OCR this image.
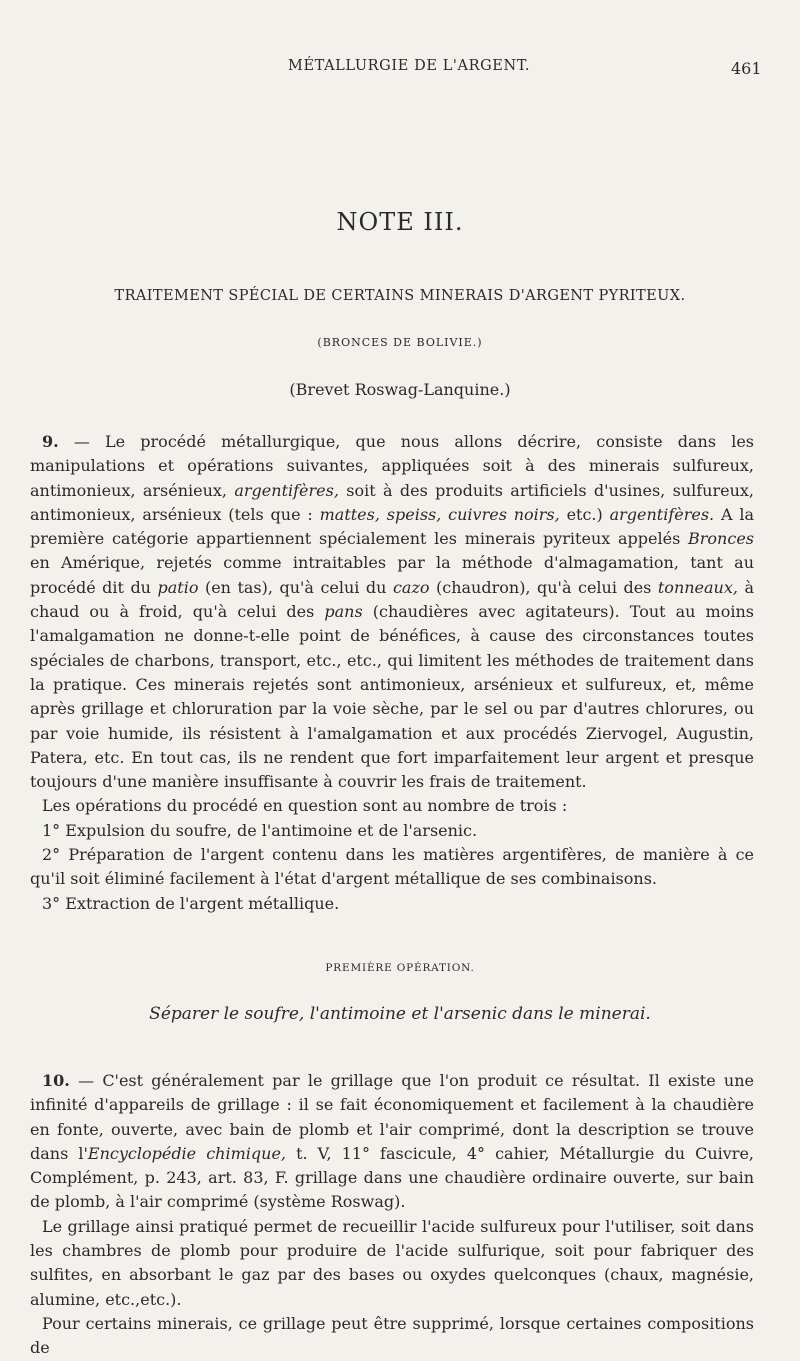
MÉTALLURGIE DE L'ARGENT.	461
NOTE III.
TRAITEMENT SPÉCIAL DE CERTAINS MINERAIS D'ARGENT PYRITEUX.
(BRONCES DE BOLIVIE.)
(Brevet Roswag-Lanquine.)

9. — Le procédé métallurgique, que nous allons décrire, consiste dans les manipulations et opérations suivantes, appliquées soit à des minerais sulfureux, antimonieux, arsénieux, argentifères, soit à des produits artificiels d'usines, sulfureux, antimonieux, arsénieux (tels que : mattes, speiss, cuivres noirs, etc.) argentifères. A la première catégorie appartiennent spécialement les minerais pyriteux appelés Bronces en Amérique, rejetés comme intraitables par la méthode d'almagamation, tant au procédé dit du patio (en tas), qu'à celui du cazo (chaudron), qu'à celui des tonneaux, à chaud ou à froid, qu'à celui des pans (chaudières avec agitateurs). Tout au moins l'amalgamation ne donne-t-elle point de bénéfices, à cause des circonstances toutes spéciales de charbons, transport, etc., etc., qui limitent les méthodes de traitement dans la pratique. Ces minerais rejetés sont antimonieux, arsénieux et sulfureux, et, même après grillage et chloruration par la voie sèche, par le sel ou par d'autres chlorures, ou par voie humide, ils résistent à l'amalgamation et aux procédés Ziervogel, Augustin, Patera, etc. En tout cas, ils ne rendent que fort imparfaitement leur argent et presque toujours d'une manière insuffisante à couvrir les frais de traitement.

Les opérations du procédé en question sont au nombre de trois :

1° Expulsion du soufre, de l'antimoine et de l'arsenic.

2° Préparation de l'argent contenu dans les matières argentifères, de manière à ce qu'il soit éliminé facilement à l'état d'argent métallique de ses combinaisons.

3° Extraction de l'argent métallique.

PREMIÈRE OPÉRATION.
Séparer le soufre, l'antimoine et l'arsenic dans le minerai.

10. — C'est généralement par le grillage que l'on produit ce résultat. Il existe une infinité d'appareils de grillage : il se fait économiquement et facilement à la chaudière en fonte, ouverte, avec bain de plomb et l'air comprimé, dont la description se trouve dans l'Encyclopédie chimique, t. V, 11° fascicule, 4° cahier, Métallurgie du Cuivre, Complément, p. 243, art. 83, F. grillage dans une chaudière ordinaire ouverte, sur bain de plomb, à l'air comprimé (système Roswag).

Le grillage ainsi pratiqué permet de recueillir l'acide sulfureux pour l'utiliser, soit dans les chambres de plomb pour produire de l'acide sulfurique, soit pour fabriquer des sulfites, en absorbant le gaz par des bases ou oxydes quelconques (chaux, magnésie, alumine, etc.,etc.).

Pour certains minerais, ce grillage peut être supprimé, lorsque certaines compositions de
